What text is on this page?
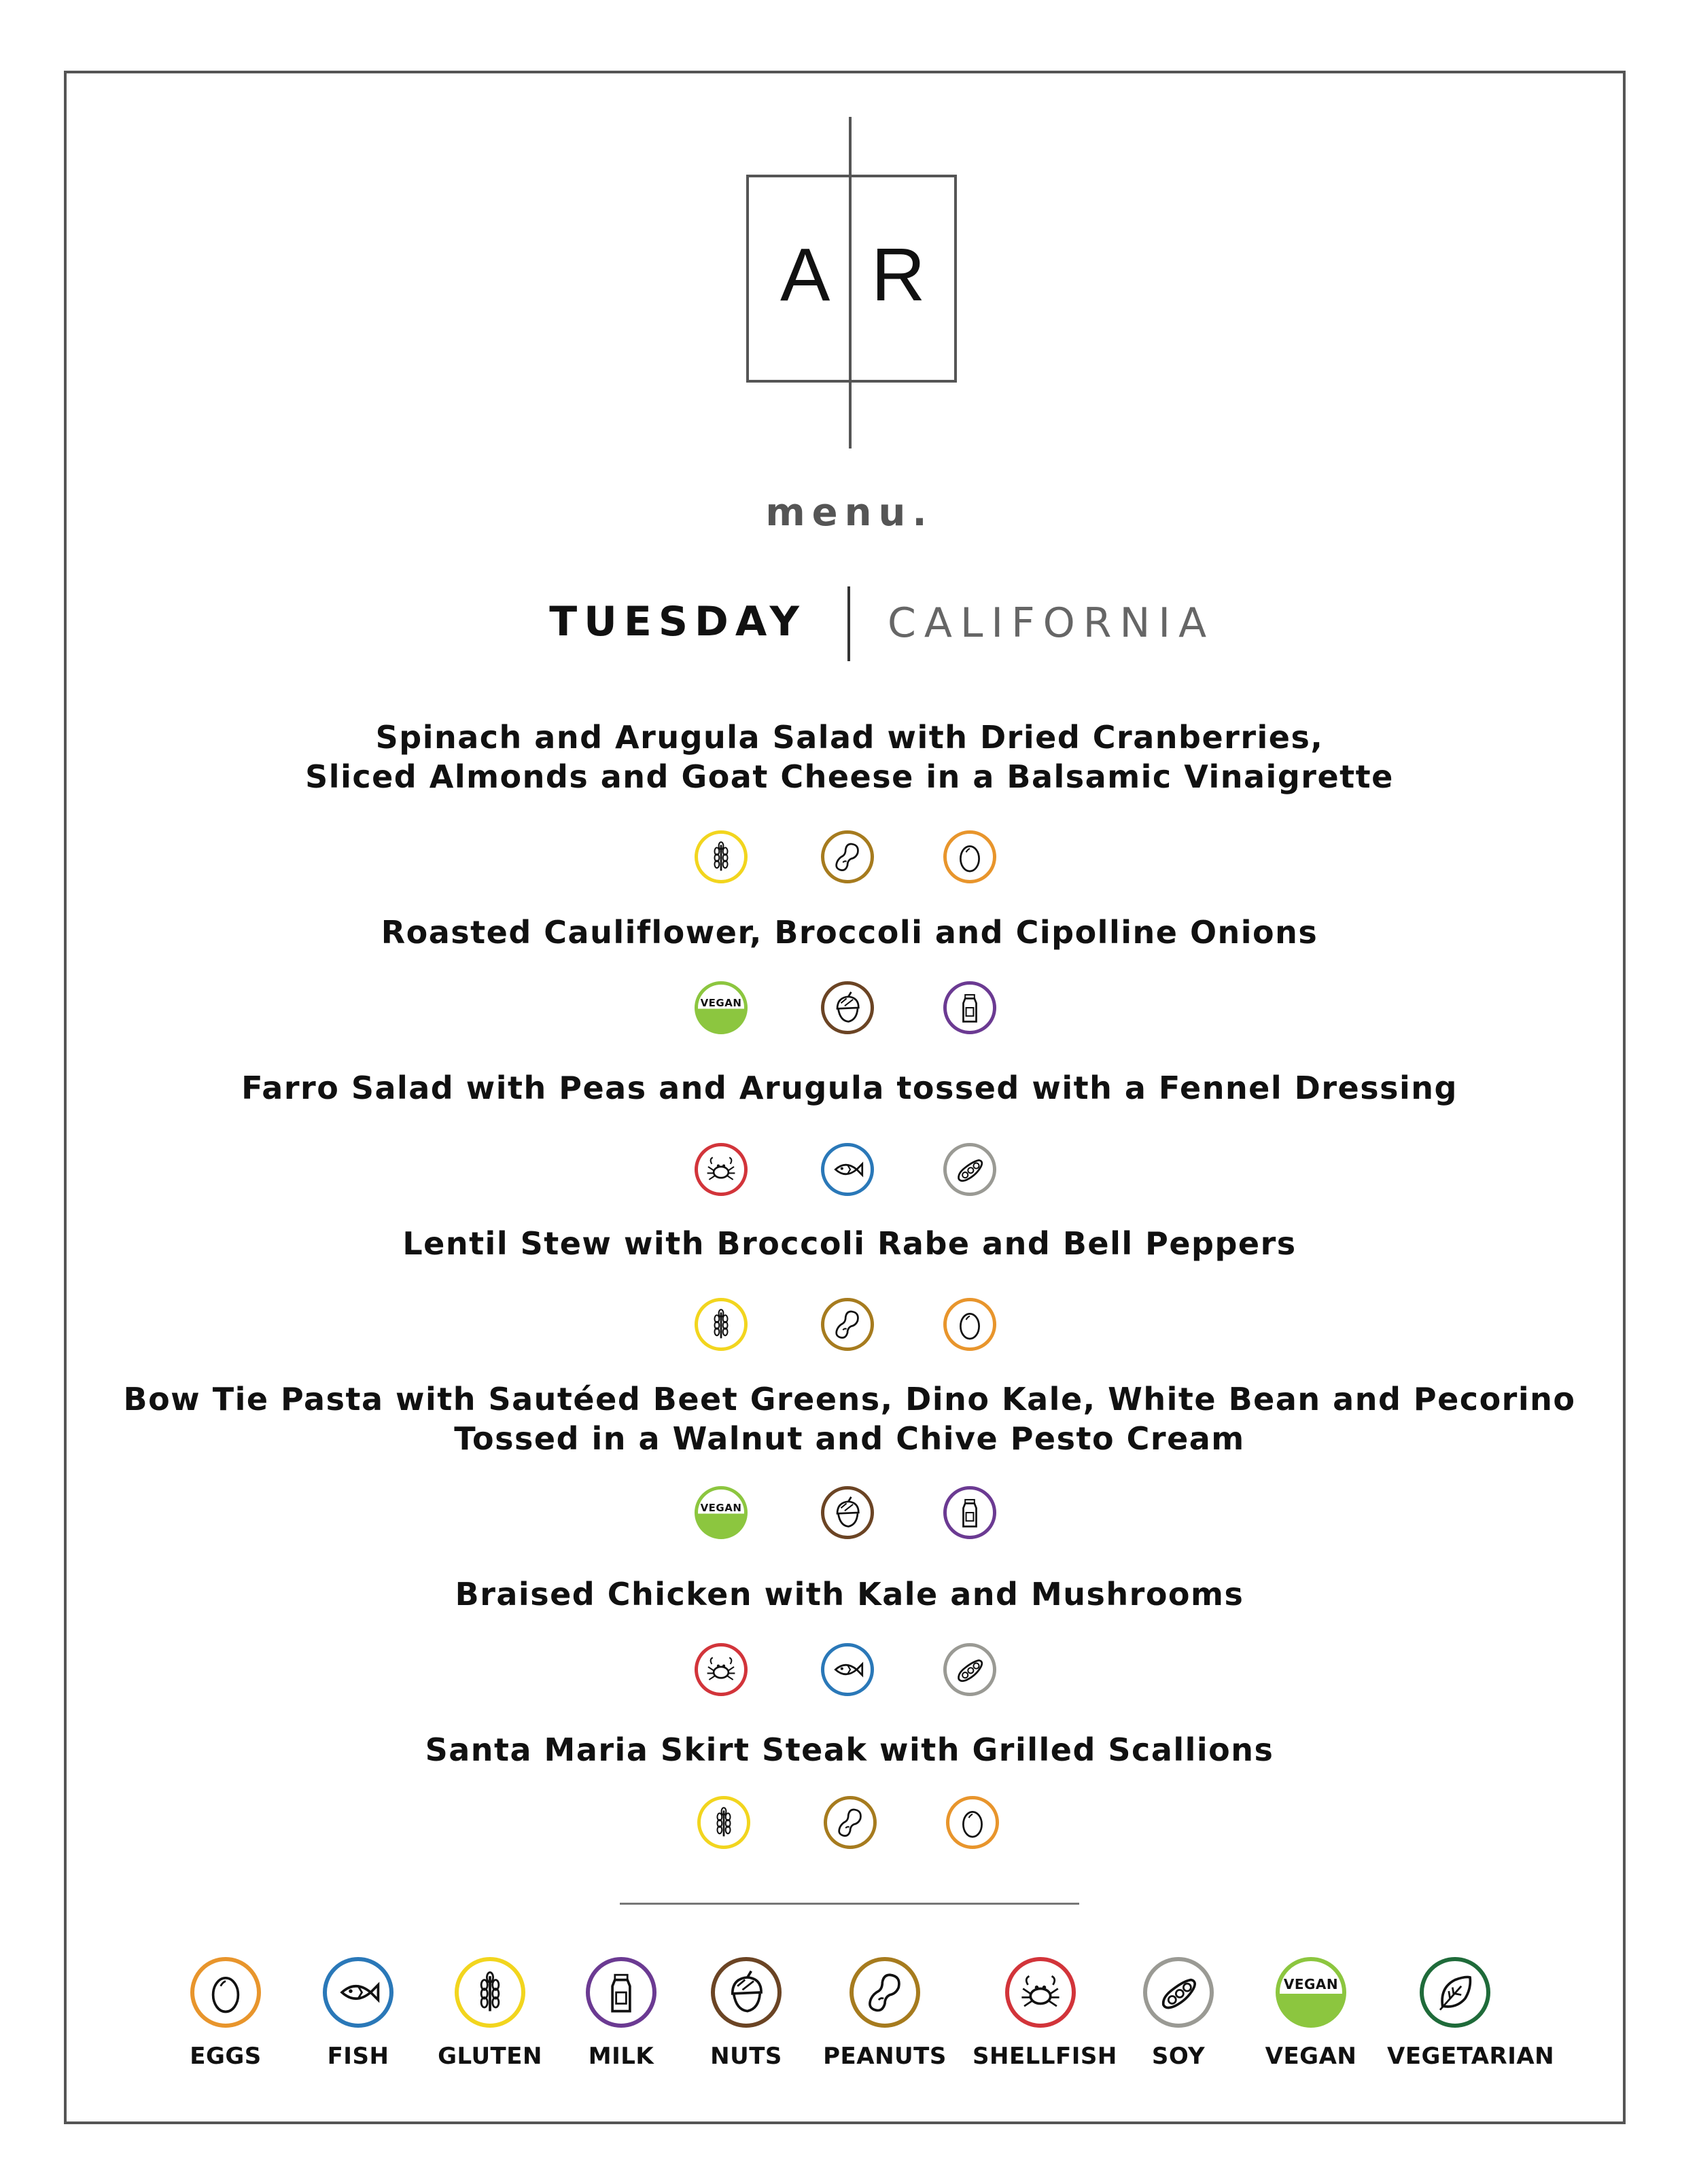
A R
menu.
TUESDAY CALIFORNIA
Spinach and Arugula Salad with Dried Cranberries,
Sliced Almonds and Goat Cheese in a Balsamic Vinaigrette
Roasted Cauliflower, Broccoli and Cipolline Onions
VEGAN
Farro Salad with Peas and Arugula tossed with a Fennel Dressing
Lentil Stew with Broccoli Rabe and Bell Peppers
Bow Tie Pasta with Sautéed Beet Greens, Dino Kale, White Bean and Pecorino
Tossed in a Walnut and Chive Pesto Cream
VEGAN
Braised Chicken with Kale and Mushrooms
Santa Maria Skirt Steak with Grilled Scallions
EGGS	FISH	GLUTEN	MILK	NUTS	PEANUTS SHELLFISH	SOY
VEGAN
VEGAN	VEGETARIAN
